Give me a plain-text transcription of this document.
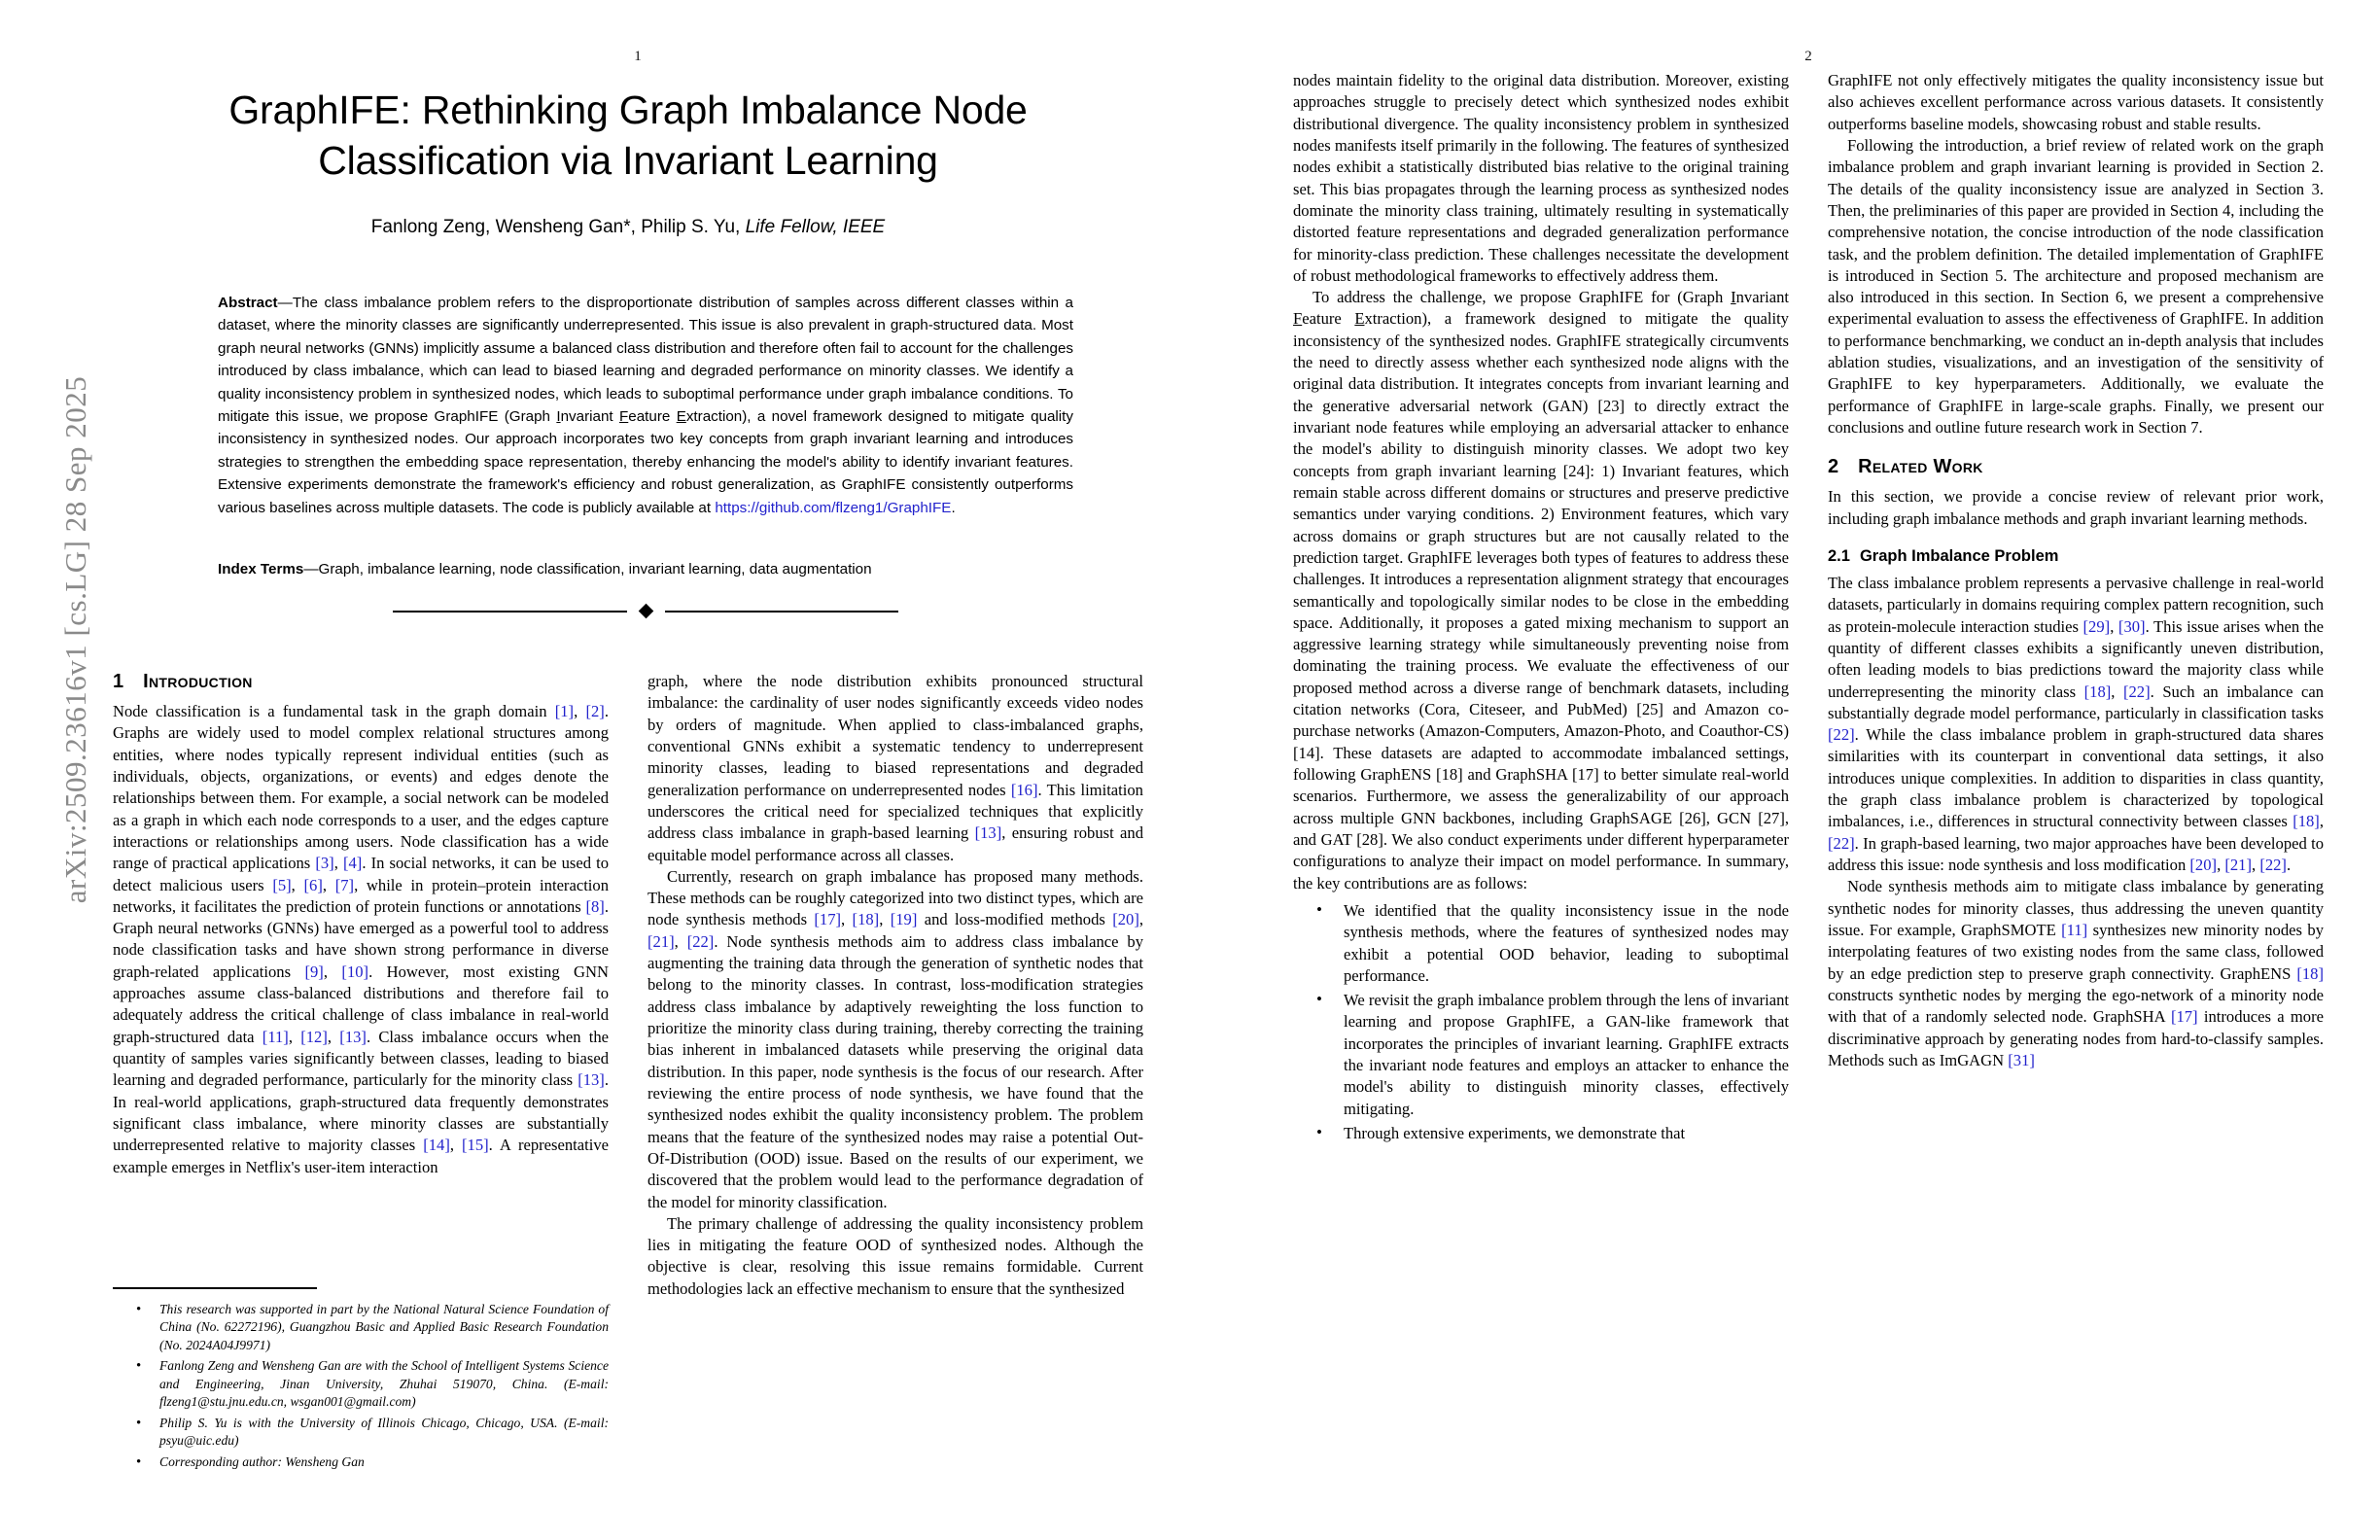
arXiv:2509.23616v1 [cs.LG] 28 Sep 2025
1
GraphIFE: Rethinking Graph Imbalance Node
Classification via Invariant Learning
Fanlong Zeng, Wensheng Gan*, Philip S. Yu, Life Fellow, IEEE

Abstract—The class imbalance problem refers to the disproportionate distribution of samples across different classes within a dataset, where the minority classes are significantly underrepresented. This issue is also prevalent in graph-structured data. Most graph neural networks (GNNs) implicitly assume a balanced class distribution and therefore often fail to account for the challenges introduced by class imbalance, which can lead to biased learning and degraded performance on minority classes. We identify a quality inconsistency problem in synthesized nodes, which leads to suboptimal performance under graph imbalance conditions. To mitigate this issue, we propose GraphIFE (Graph Invariant Feature Extraction), a novel framework designed to mitigate quality inconsistency in synthesized nodes. Our approach incorporates two key concepts from graph invariant learning and introduces strategies to strengthen the embedding space representation, thereby enhancing the model's ability to identify invariant features. Extensive experiments demonstrate the framework's efficiency and robust generalization, as GraphIFE consistently outperforms various baselines across multiple datasets. The code is publicly available at https://github.com/flzeng1/GraphIFE.

Index Terms—Graph, imbalance learning, node classification, invariant learning, data augmentation

1 Introduction

Node classification is a fundamental task in the graph domain [1], [2]. Graphs are widely used to model complex relational structures among entities, where nodes typically represent individual entities (such as individuals, objects, organizations, or events) and edges denote the relationships between them. For example, a social network can be modeled as a graph in which each node corresponds to a user, and the edges capture interactions or relationships among users. Node classification has a wide range of practical applications [3], [4]. In social networks, it can be used to detect malicious users [5], [6], [7], while in protein–protein interaction networks, it facilitates the prediction of protein functions or annotations [8]. Graph neural networks (GNNs) have emerged as a powerful tool to address node classification tasks and have shown strong performance in diverse graph-related applications [9], [10]. However, most existing GNN approaches assume class-balanced distributions and therefore fail to adequately address the critical challenge of class imbalance in real-world graph-structured data [11], [12], [13]. Class imbalance occurs when the quantity of samples varies significantly between classes, leading to biased learning and degraded performance, particularly for the minority class [13]. In real-world applications, graph-structured data frequently demonstrates significant class imbalance, where minority classes are substantially underrepresented relative to majority classes [14], [15]. A representative example emerges in Netflix's user-item interaction

• This research was supported in part by the National Natural Science Foundation of China (No. 62272196), Guangzhou Basic and Applied Basic Research Foundation (No. 2024A04J9971)
• Fanlong Zeng and Wensheng Gan are with the School of Intelligent Systems Science and Engineering, Jinan University, Zhuhai 519070, China. (E-mail: flzeng1@stu.jnu.edu.cn, wsgan001@gmail.com)
• Philip S. Yu is with the University of Illinois Chicago, Chicago, USA. (E-mail: psyu@uic.edu)
• Corresponding author: Wensheng Gan

graph, where the node distribution exhibits pronounced structural imbalance: the cardinality of user nodes significantly exceeds video nodes by orders of magnitude. When applied to class-imbalanced graphs, conventional GNNs exhibit a systematic tendency to underrepresent minority classes, leading to biased representations and degraded generalization performance on underrepresented nodes [16]. This limitation underscores the critical need for specialized techniques that explicitly address class imbalance in graph-based learning [13], ensuring robust and equitable model performance across all classes.

Currently, research on graph imbalance has proposed many methods. These methods can be roughly categorized into two distinct types, which are node synthesis methods [17], [18], [19] and loss-modified methods [20], [21], [22]. Node synthesis methods aim to address class imbalance by augmenting the training data through the generation of synthetic nodes that belong to the minority classes. In contrast, loss-modification strategies address class imbalance by adaptively reweighting the loss function to prioritize the minority class during training, thereby correcting the training bias inherent in imbalanced datasets while preserving the original data distribution. In this paper, node synthesis is the focus of our research. After reviewing the entire process of node synthesis, we have found that the synthesized nodes exhibit the quality inconsistency problem. The problem means that the feature of the synthesized nodes may raise a potential Out-Of-Distribution (OOD) issue. Based on the results of our experiment, we discovered that the problem would lead to the performance degradation of the model for minority classification.

The primary challenge of addressing the quality inconsistency problem lies in mitigating the feature OOD of synthesized nodes. Although the objective is clear, resolving this issue remains formidable. Current methodologies lack an effective mechanism to ensure that the synthesized

2

nodes maintain fidelity to the original data distribution. Moreover, existing approaches struggle to precisely detect which synthesized nodes exhibit distributional divergence. The quality inconsistency problem in synthesized nodes manifests itself primarily in the following. The features of synthesized nodes exhibit a statistically distributed bias relative to the original training set. This bias propagates through the learning process as synthesized nodes dominate the minority class training, ultimately resulting in systematically distorted feature representations and degraded generalization performance for minority-class prediction. These challenges necessitate the development of robust methodological frameworks to effectively address them.

To address the challenge, we propose GraphIFE for (Graph Invariant Feature Extraction), a framework designed to mitigate the quality inconsistency of the synthesized nodes. GraphIFE strategically circumvents the need to directly assess whether each synthesized node aligns with the original data distribution. It integrates concepts from invariant learning and the generative adversarial network (GAN) [23] to directly extract the invariant node features while employing an adversarial attacker to enhance the model's ability to distinguish minority classes. We adopt two key concepts from graph invariant learning [24]: 1) Invariant features, which remain stable across different domains or structures and preserve predictive semantics under varying conditions. 2) Environment features, which vary across domains or graph structures but are not causally related to the prediction target. GraphIFE leverages both types of features to address these challenges. It introduces a representation alignment strategy that encourages semantically and topologically similar nodes to be close in the embedding space. Additionally, it proposes a gated mixing mechanism to support an aggressive learning strategy while simultaneously preventing noise from dominating the training process. We evaluate the effectiveness of our proposed method across a diverse range of benchmark datasets, including citation networks (Cora, Citeseer, and PubMed) [25] and Amazon co-purchase networks (Amazon-Computers, Amazon-Photo, and Coauthor-CS) [14]. These datasets are adapted to accommodate imbalanced settings, following GraphENS [18] and GraphSHA [17] to better simulate real-world scenarios. Furthermore, we assess the generalizability of our approach across multiple GNN backbones, including GraphSAGE [26], GCN [27], and GAT [28]. We also conduct experiments under different hyperparameter configurations to analyze their impact on model performance. In summary, the key contributions are as follows:

• We identified that the quality inconsistency issue in the node synthesis methods, where the features of synthesized nodes may exhibit a potential OOD behavior, leading to suboptimal performance.
• We revisit the graph imbalance problem through the lens of invariant learning and propose GraphIFE, a GAN-like framework that incorporates the principles of invariant learning. GraphIFE extracts the invariant node features and employs an attacker to enhance the model's ability to distinguish minority classes, effectively mitigating.
• Through extensive experiments, we demonstrate that

GraphIFE not only effectively mitigates the quality inconsistency issue but also achieves excellent performance across various datasets. It consistently outperforms baseline models, showcasing robust and stable results.

Following the introduction, a brief review of related work on the graph imbalance problem and graph invariant learning is provided in Section 2. The details of the quality inconsistency issue are analyzed in Section 3. Then, the preliminaries of this paper are provided in Section 4, including the comprehensive notation, the concise introduction of the node classification task, and the problem definition. The detailed implementation of GraphIFE is introduced in Section 5. The architecture and proposed mechanism are also introduced in this section. In Section 6, we present a comprehensive experimental evaluation to assess the effectiveness of GraphIFE. In addition to performance benchmarking, we conduct an in-depth analysis that includes ablation studies, visualizations, and an investigation of the sensitivity of GraphIFE to key hyperparameters. Additionally, we evaluate the performance of GraphIFE in large-scale graphs. Finally, we present our conclusions and outline future research work in Section 7.

2 Related Work

In this section, we provide a concise review of relevant prior work, including graph imbalance methods and graph invariant learning methods.

2.1 Graph Imbalance Problem

The class imbalance problem represents a pervasive challenge in real-world datasets, particularly in domains requiring complex pattern recognition, such as protein-molecule interaction studies [29], [30]. This issue arises when the quantity of different classes exhibits a significantly uneven distribution, often leading models to bias predictions toward the majority class while underrepresenting the minority class [18], [22]. Such an imbalance can substantially degrade model performance, particularly in classification tasks [22]. While the class imbalance problem in graph-structured data shares similarities with its counterpart in conventional data settings, it also introduces unique complexities. In addition to disparities in class quantity, the graph class imbalance problem is characterized by topological imbalances, i.e., differences in structural connectivity between classes [18], [22]. In graph-based learning, two major approaches have been developed to address this issue: node synthesis and loss modification [20], [21], [22].

Node synthesis methods aim to mitigate class imbalance by generating synthetic nodes for minority classes, thus addressing the uneven quantity issue. For example, GraphSMOTE [11] synthesizes new minority nodes by interpolating features of two existing nodes from the same class, followed by an edge prediction step to preserve graph connectivity. GraphENS [18] constructs synthetic nodes by merging the ego-network of a minority node with that of a randomly selected node. GraphSHA [17] introduces a more discriminative approach by generating nodes from hard-to-classify samples. Methods such as ImGAGN [31]
